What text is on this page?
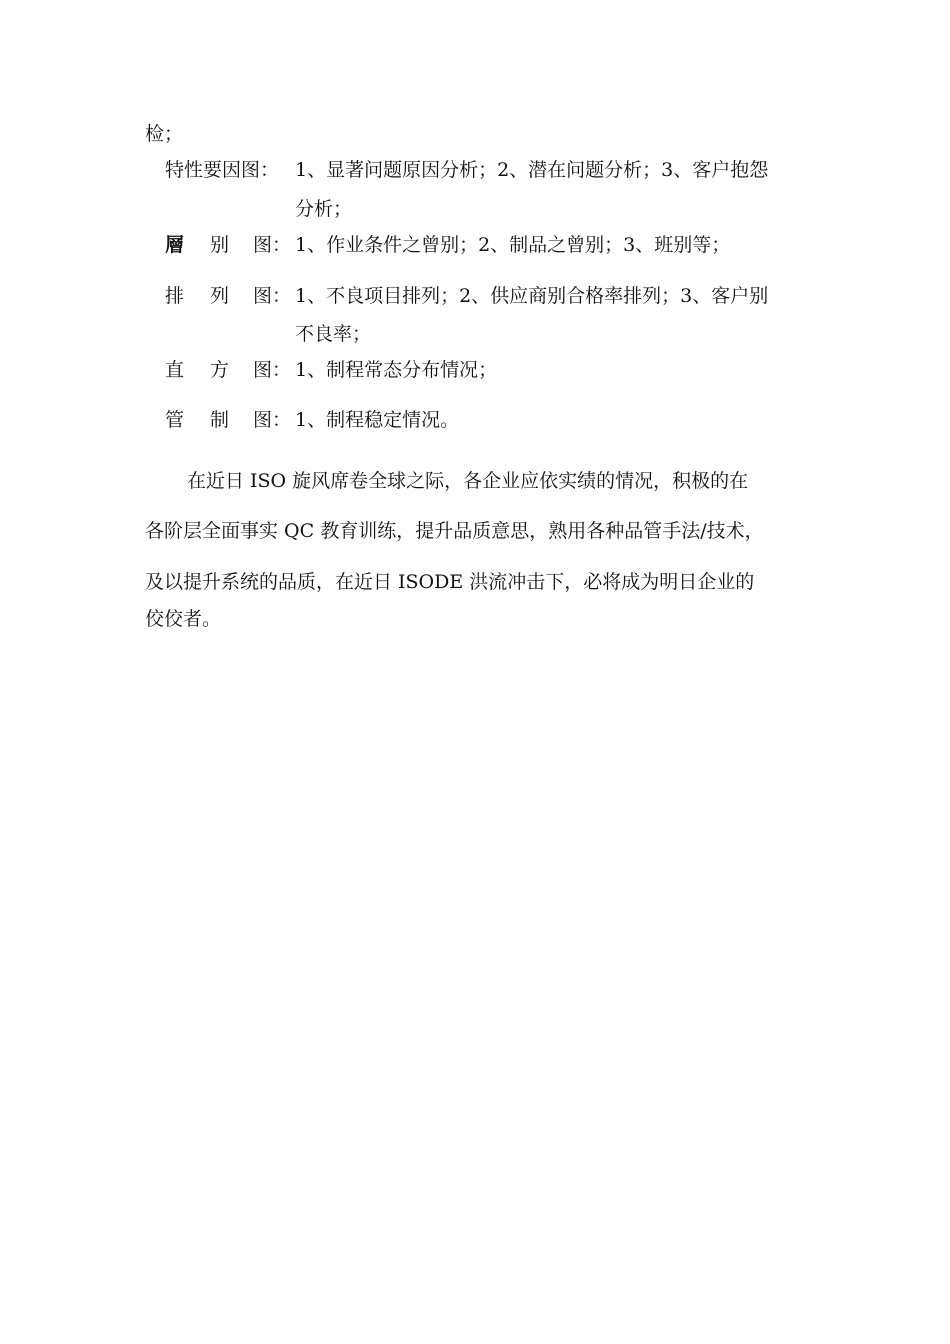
检；
特性要因图： 1、显著问题原因分析；2、潜在问题分析；3、客户抱怨
分析；
層 别 图： 1、作业条件之曾别；2、制品之曾别；3、班别等；
排 列 图： 1、不良项目排列；2、供应商别合格率排列；3、客户别
不良率；
直 方 图： 1、制程常态分布情况；
管 制 图： 1、制程稳定情况。
在近日 ISO 旋风席卷全球之际，各企业应依实绩的情况，积极的在
各阶层全面事实 QC 教育训练，提升品质意思，熟用各种品管手法/技术，
及以提升系统的品质，在近日 ISODE 洪流冲击下，必将成为明日企业的
佼佼者。
